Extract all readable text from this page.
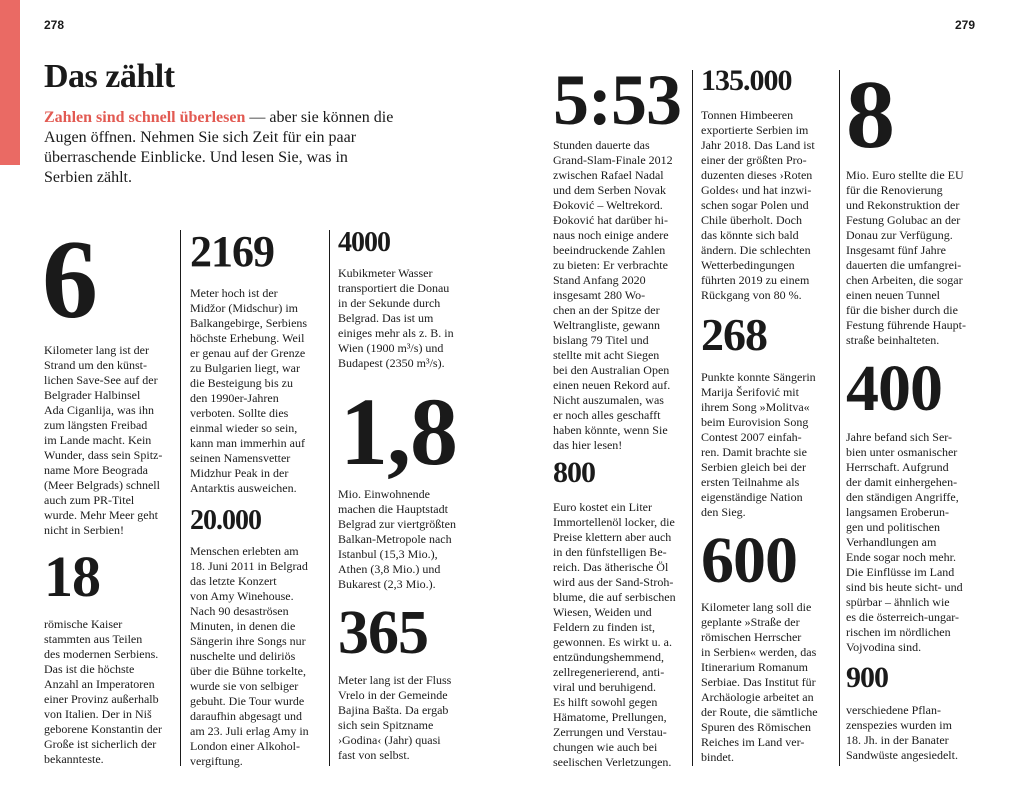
278	279
Das zählt

Zahlen sind schnell überlesen — aber sie können die Augen öffnen. Nehmen Sie sich Zeit für ein paar überraschende Einblicke. Und lesen Sie, was in Serbien zählt.

6
Kilometer lang ist der
Strand um den künst-
lichen Save-See auf der
Belgrader Halbinsel
Ada Ciganlija, was ihn
zum längsten Freibad
im Lande macht. Kein
Wunder, dass sein Spitz-
name More Beograda
(Meer Belgrads) schnell
auch zum PR-Titel
wurde. Mehr Meer geht
nicht in Serbien!
18
römische Kaiser
stammten aus Teilen
des modernen Serbiens.
Das ist die höchste
Anzahl an Imperatoren
einer Provinz außerhalb
von Italien. Der in Niš
geborene Konstantin der
Große ist sicherlich der
bekannteste.
2169
Meter hoch ist der
Midžor (Midschur) im
Balkangebirge, Serbiens
höchste Erhebung. Weil
er genau auf der Grenze
zu Bulgarien liegt, war
die Besteigung bis zu
den 1990er-Jahren
verboten. Sollte dies
einmal wieder so sein,
kann man immerhin auf
seinen Namensvetter
Midzhur Peak in der
Antarktis ausweichen.
20.000
Menschen erlebten am
18. Juni 2011 in Belgrad
das letzte Konzert
von Amy Winehouse.
Nach 90 desaströsen
Minuten, in denen die
Sängerin ihre Songs nur
nuschelte und deliriös
über die Bühne torkelte,
wurde sie von selbiger
gebuht. Die Tour wurde
daraufhin abgesagt und
am 23. Juli erlag Amy in
London einer Alkohol-
vergiftung.
4000
Kubikmeter Wasser
transportiert die Donau
in der Sekunde durch
Belgrad. Das ist um
einiges mehr als z. B. in
Wien (1900 m³/s) und
Budapest (2350 m³/s).
1,8
Mio. Einwohnende
machen die Hauptstadt
Belgrad zur viertgrößten
Balkan-Metropole nach
Istanbul (15,3 Mio.),
Athen (3,8 Mio.) und
Bukarest (2,3 Mio.).
365
Meter lang ist der Fluss
Vrelo in der Gemeinde
Bajina Bašta. Da ergab
sich sein Spitzname
›Godina‹ (Jahr) quasi
fast von selbst.
5:53
Stunden dauerte das
Grand-Slam-Finale 2012
zwischen Rafael Nadal
und dem Serben Novak
Đoković – Weltrekord.
Đoković hat darüber hi-
naus noch einige andere
beeindruckende Zahlen
zu bieten: Er verbrachte
Stand Anfang 2020
insgesamt 280 Wo-
chen an der Spitze der
Weltrangliste, gewann
bislang 79 Titel und
stellte mit acht Siegen
bei den Australian Open
einen neuen Rekord auf.
Nicht auszumalen, was
er noch alles geschafft
haben könnte, wenn Sie
das hier lesen!
800
Euro kostet ein Liter
Immortellenöl locker, die
Preise klettern aber auch
in den fünfstelligen Be-
reich. Das ätherische Öl
wird aus der Sand-Stroh-
blume, die auf serbischen
Wiesen, Weiden und
Feldern zu finden ist,
gewonnen. Es wirkt u. a.
entzündungshemmend,
zellregenerierend, anti-
viral und beruhigend.
Es hilft sowohl gegen
Hämatome, Prellungen,
Zerrungen und Verstau-
chungen wie auch bei
seelischen Verletzungen.
135.000
Tonnen Himbeeren
exportierte Serbien im
Jahr 2018. Das Land ist
einer der größten Pro-
duzenten dieses ›Roten
Goldes‹ und hat inzwi-
schen sogar Polen und
Chile überholt. Doch
das könnte sich bald
ändern. Die schlechten
Wetterbedingungen
führten 2019 zu einem
Rückgang von 80 %.
268
Punkte konnte Sängerin
Marija Šerifović mit
ihrem Song »Molitva«
beim Eurovision Song
Contest 2007 einfah-
ren. Damit brachte sie
Serbien gleich bei der
ersten Teilnahme als
eigenständige Nation
den Sieg.
600
Kilometer lang soll die
geplante »Straße der
römischen Herrscher
in Serbien« werden, das
Itinerarium Romanum
Serbiae. Das Institut für
Archäologie arbeitet an
der Route, die sämtliche
Spuren des Römischen
Reiches im Land ver-
bindet.
8
Mio. Euro stellte die EU
für die Renovierung
und Rekonstruktion der
Festung Golubac an der
Donau zur Verfügung.
Insgesamt fünf Jahre
dauerten die umfangrei-
chen Arbeiten, die sogar
einen neuen Tunnel
für die bisher durch die
Festung führende Haupt-
straße beinhalteten.
400
Jahre befand sich Ser-
bien unter osmanischer
Herrschaft. Aufgrund
der damit einhergehen-
den ständigen Angriffe,
langsamen Eroberun-
gen und politischen
Verhandlungen am
Ende sogar noch mehr.
Die Einflüsse im Land
sind bis heute sicht- und
spürbar – ähnlich wie
es die österreich-ungar-
rischen im nördlichen
Vojvodina sind.
900
verschiedene Pflan-
zenspezies wurden im
18. Jh. in der Banater
Sandwüste angesiedelt.
